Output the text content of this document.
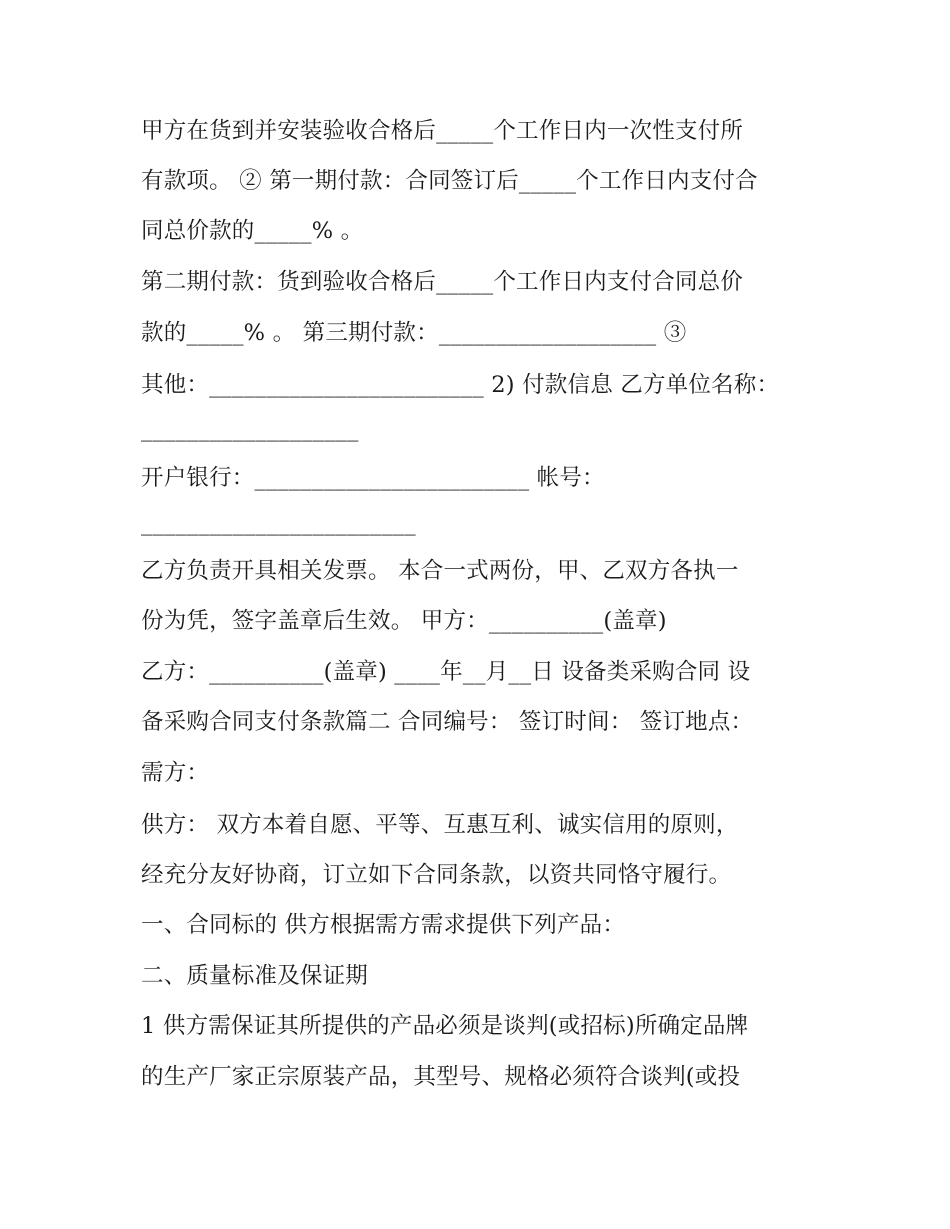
甲方在货到并安装验收合格后_____个工作日内一次性支付所
有款项。 ② 第一期付款：合同签订后_____个工作日内支付合
同总价款的_____% 。
第二期付款：货到验收合格后_____个工作日内支付合同总价
款的_____% 。 第三期付款：___________________ ③
其他：________________________ 2) 付款信息 乙方单位名称：
___________________
开户银行：________________________ 帐号：
________________________
乙方负责开具相关发票。 本合一式两份，甲、乙双方各执一
份为凭，签字盖章后生效。 甲方：__________(盖章)
乙方：__________(盖章) ____年__月__日 设备类采购合同 设
备采购合同支付条款篇二 合同编号： 签订时间： 签订地点：
需方：
供方： 双方本着自愿、平等、互惠互利、诚实信用的原则，
经充分友好协商，订立如下合同条款，以资共同恪守履行。
一、合同标的 供方根据需方需求提供下列产品：
二、质量标准及保证期
1 供方需保证其所提供的产品必须是谈判(或招标)所确定品牌
的生产厂家正宗原装产品，其型号、规格必须符合谈判(或投
